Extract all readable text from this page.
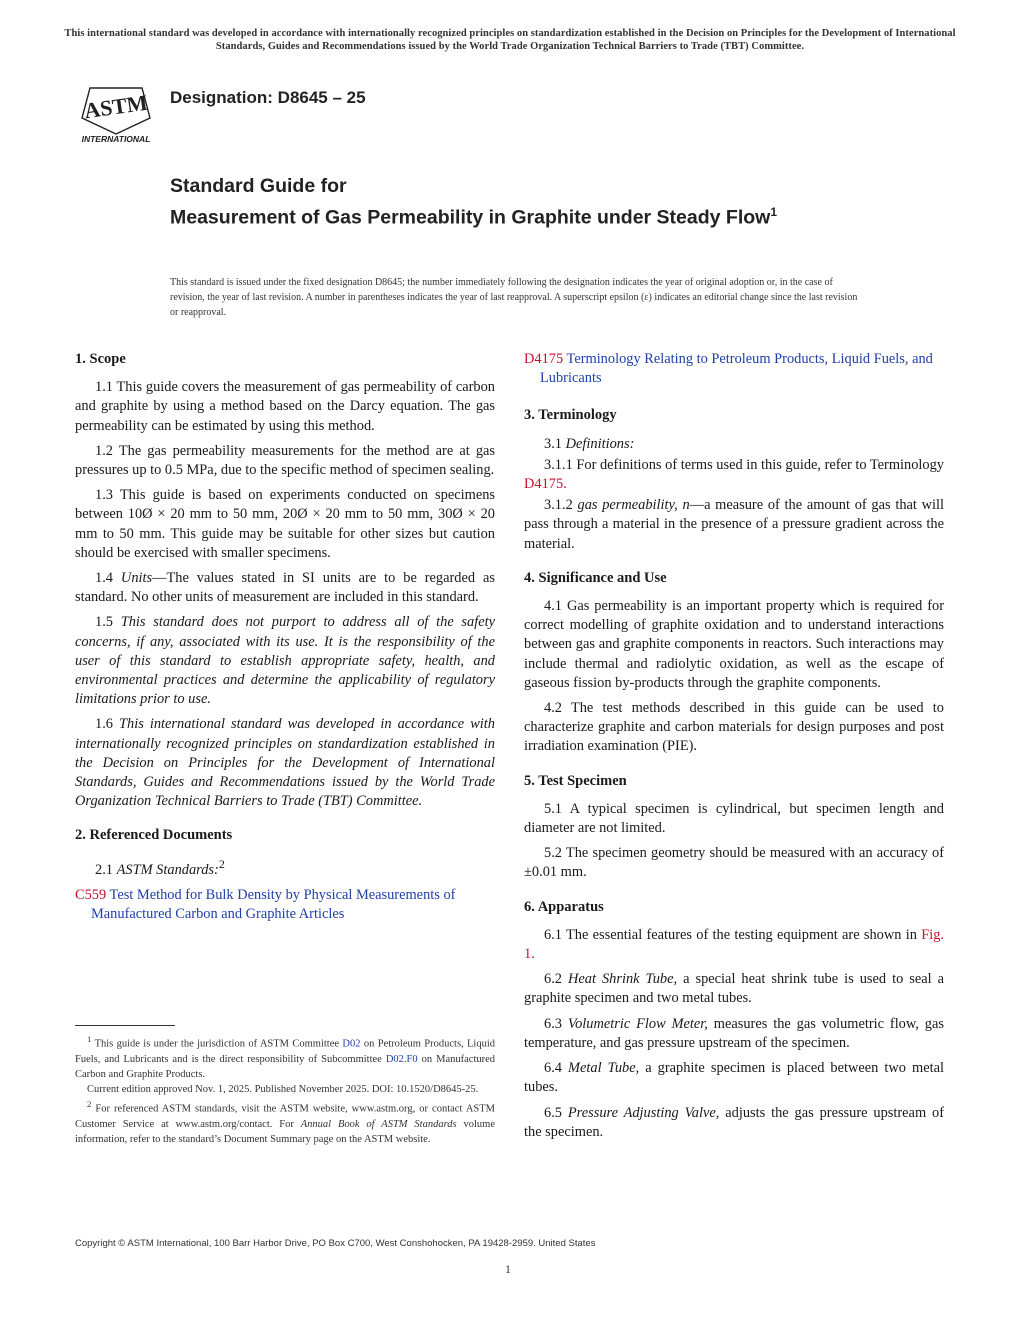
This international standard was developed in accordance with internationally recognized principles on standardization established in the Decision on Principles for the Development of International Standards, Guides and Recommendations issued by the World Trade Organization Technical Barriers to Trade (TBT) Committee.
ASTM
INTERNATIONAL
Designation: D8645 – 25
Standard Guide for
Measurement of Gas Permeability in Graphite under Steady Flow$^1$
This standard is issued under the fixed designation D8645; the number immediately following the designation indicates the year of original adoption or, in the case of revision, the year of last revision. A number in parentheses indicates the year of last reapproval. A superscript epsilon (ε) indicates an editorial change since the last revision or reapproval.
1. Scope

1.1 This guide covers the measurement of gas permeability of carbon and graphite by using a method based on the Darcy equation. The gas permeability can be estimated by using this method.

1.2 The gas permeability measurements for the method are at gas pressures up to 0.5 MPa, due to the specific method of specimen sealing.

1.3 This guide is based on experiments conducted on specimens between 10Ø × 20 mm to 50 mm, 20Ø × 20 mm to 50 mm, 30Ø × 20 mm to 50 mm. This guide may be suitable for other sizes but caution should be exercised with smaller specimens.

1.4 Units—The values stated in SI units are to be regarded as standard. No other units of measurement are included in this standard.

1.5 This standard does not purport to address all of the safety concerns, if any, associated with its use. It is the responsibility of the user of this standard to establish appropriate safety, health, and environmental practices and determine the applicability of regulatory limitations prior to use.

1.6 This international standard was developed in accordance with internationally recognized principles on standardization established in the Decision on Principles for the Development of International Standards, Guides and Recommendations issued by the World Trade Organization Technical Barriers to Trade (TBT) Committee.

2. Referenced Documents

2.1 ASTM Standards:$^2$

C559 Test Method for Bulk Density by Physical Measurements of Manufactured Carbon and Graphite Articles

D4175 Terminology Relating to Petroleum Products, Liquid Fuels, and Lubricants

3. Terminology

3.1 Definitions:

3.1.1 For definitions of terms used in this guide, refer to Terminology D4175.

3.1.2 gas permeability, n—a measure of the amount of gas that will pass through a material in the presence of a pressure gradient across the material.

4. Significance and Use

4.1 Gas permeability is an important property which is required for correct modelling of graphite oxidation and to understand interactions between gas and graphite components in reactors. Such interactions may include thermal and radiolytic oxidation, as well as the escape of gaseous fission by-products through the graphite components.

4.2 The test methods described in this guide can be used to characterize graphite and carbon materials for design purposes and post irradiation examination (PIE).

5. Test Specimen

5.1 A typical specimen is cylindrical, but specimen length and diameter are not limited.

5.2 The specimen geometry should be measured with an accuracy of ±0.01 mm.

6. Apparatus

6.1 The essential features of the testing equipment are shown in Fig. 1.

6.2 Heat Shrink Tube, a special heat shrink tube is used to seal a graphite specimen and two metal tubes.

6.3 Volumetric Flow Meter, measures the gas volumetric flow, gas temperature, and gas pressure upstream of the specimen.

6.4 Metal Tube, a graphite specimen is placed between two metal tubes.

6.5 Pressure Adjusting Valve, adjusts the gas pressure upstream of the specimen.

$^1$ This guide is under the jurisdiction of ASTM Committee D02 on Petroleum Products, Liquid Fuels, and Lubricants and is the direct responsibility of Subcommittee D02.F0 on Manufactured Carbon and Graphite Products.

Current edition approved Nov. 1, 2025. Published November 2025. DOI: 10.1520/D8645-25.

$^2$ For referenced ASTM standards, visit the ASTM website, www.astm.org, or contact ASTM Customer Service at www.astm.org/contact. For Annual Book of ASTM Standards volume information, refer to the standard’s Document Summary page on the ASTM website.

Copyright © ASTM International, 100 Barr Harbor Drive, PO Box C700, West Conshohocken, PA 19428-2959. United States
1
